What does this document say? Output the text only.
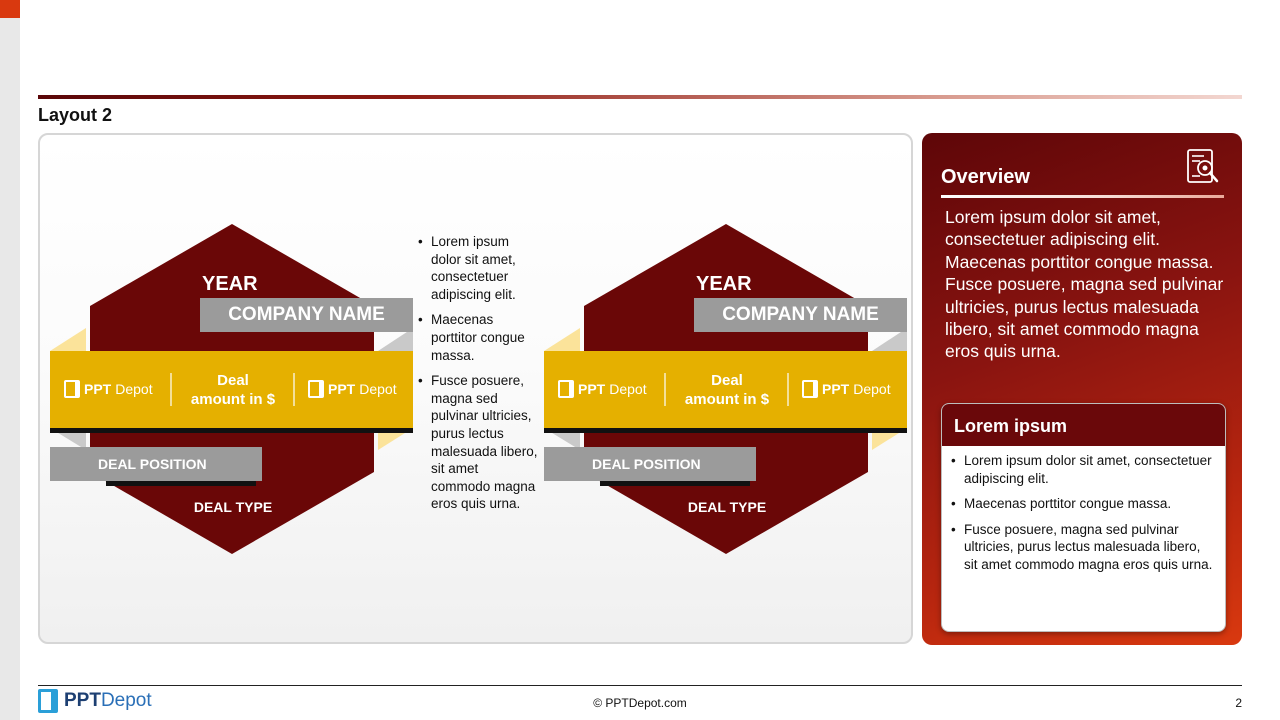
Layout 2
YEAR
COMPANY NAME
PPT Depot	Deal
amount in $
PPT Depot
DEAL POSITION
DEAL TYPE
YEAR
COMPANY NAME
PPT Depot	Deal
amount in $
PPT Depot
DEAL POSITION
DEAL TYPE
• Lorem ipsum dolor sit amet, consectetuer adipiscing elit.
• Maecenas porttitor congue massa.
• Fusce posuere, magna sed pulvinar ultricies, purus lectus malesuada libero, sit amet commodo magna eros quis urna.
Overview

Lorem ipsum dolor sit amet, consectetuer adipiscing elit. Maecenas porttitor congue massa. Fusce posuere, magna sed pulvinar ultricies, purus lectus malesuada libero, sit amet commodo magna eros quis urna.

Lorem ipsum
• Lorem ipsum dolor sit amet, consectetuer adipiscing elit.
• Maecenas porttitor congue massa.
• Fusce posuere, magna sed pulvinar ultricies, purus lectus malesuada libero, sit amet commodo magna eros quis urna.
PPTDepot	© PPTDepot.com	2
